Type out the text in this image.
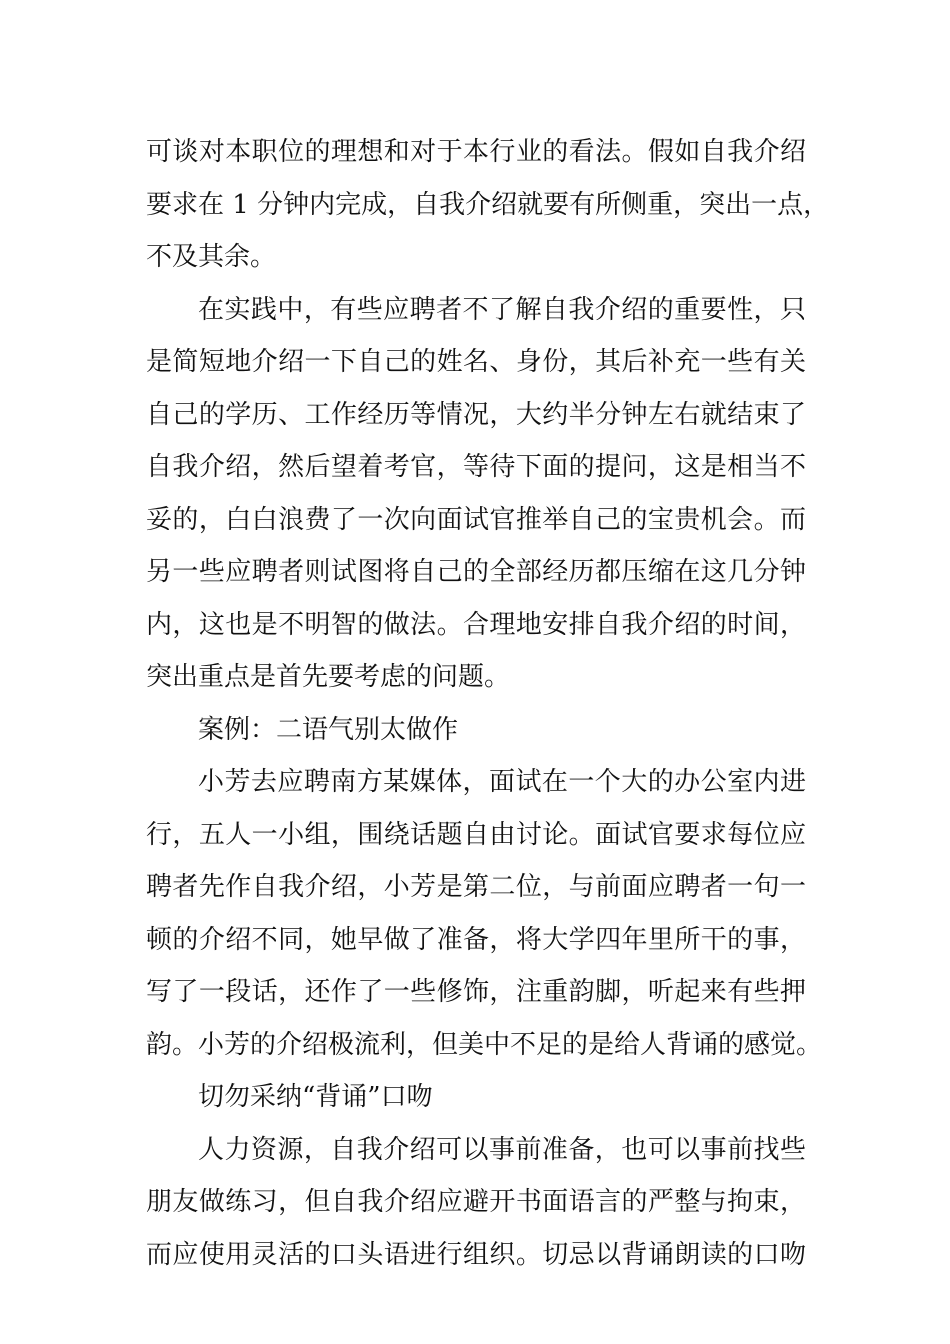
可谈对本职位的理想和对于本行业的看法。假如自我介绍
要求在 1 分钟内完成，自我介绍就要有所侧重，突出一点，
不及其余。
在实践中，有些应聘者不了解自我介绍的重要性，只
是简短地介绍一下自己的姓名、身份，其后补充一些有关
自己的学历、工作经历等情况，大约半分钟左右就结束了
自我介绍，然后望着考官，等待下面的提问，这是相当不
妥的，白白浪费了一次向面试官推举自己的宝贵机会。而
另一些应聘者则试图将自己的全部经历都压缩在这几分钟
内，这也是不明智的做法。合理地安排自我介绍的时间，
突出重点是首先要考虑的问题。
案例：二语气别太做作
小芳去应聘南方某媒体，面试在一个大的办公室内进
行，五人一小组，围绕话题自由讨论。面试官要求每位应
聘者先作自我介绍，小芳是第二位，与前面应聘者一句一
顿的介绍不同，她早做了准备，将大学四年里所干的事，
写了一段话，还作了一些修饰，注重韵脚，听起来有些押
韵。小芳的介绍极流利，但美中不足的是给人背诵的感觉。
切勿采纳“背诵”口吻
人力资源，自我介绍可以事前准备，也可以事前找些
朋友做练习，但自我介绍应避开书面语言的严整与拘束，
而应使用灵活的口头语进行组织。切忌以背诵朗读的口吻
